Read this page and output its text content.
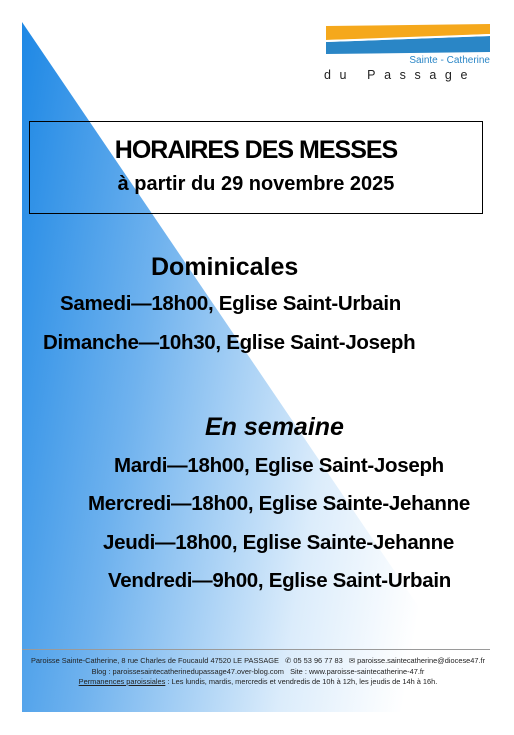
Sainte - Catherine
du Passage
HORAIRES DES MESSES
à partir du 29 novembre 2025
Dominicales
Samedi—18h00, Eglise Saint-Urbain
Dimanche—10h30, Eglise Saint-Joseph
En semaine
Mardi—18h00, Eglise Saint-Joseph
Mercredi—18h00, Eglise Sainte-Jehanne
Jeudi—18h00, Eglise Sainte-Jehanne
Vendredi—9h00, Eglise Saint-Urbain
Paroisse Sainte-Catherine, 8 rue Charles de Foucauld 47520 LE PASSAGE ✆ 05 53 96 77 83 ✉ paroisse.saintecatherine@diocese47.fr
Blog : paroissesaintecatherinedupassage47.over-blog.com Site : www.paroisse-saintecatherine-47.fr
Permanences paroissiales : Les lundis, mardis, mercredis et vendredis de 10h à 12h, les jeudis de 14h à 16h.
